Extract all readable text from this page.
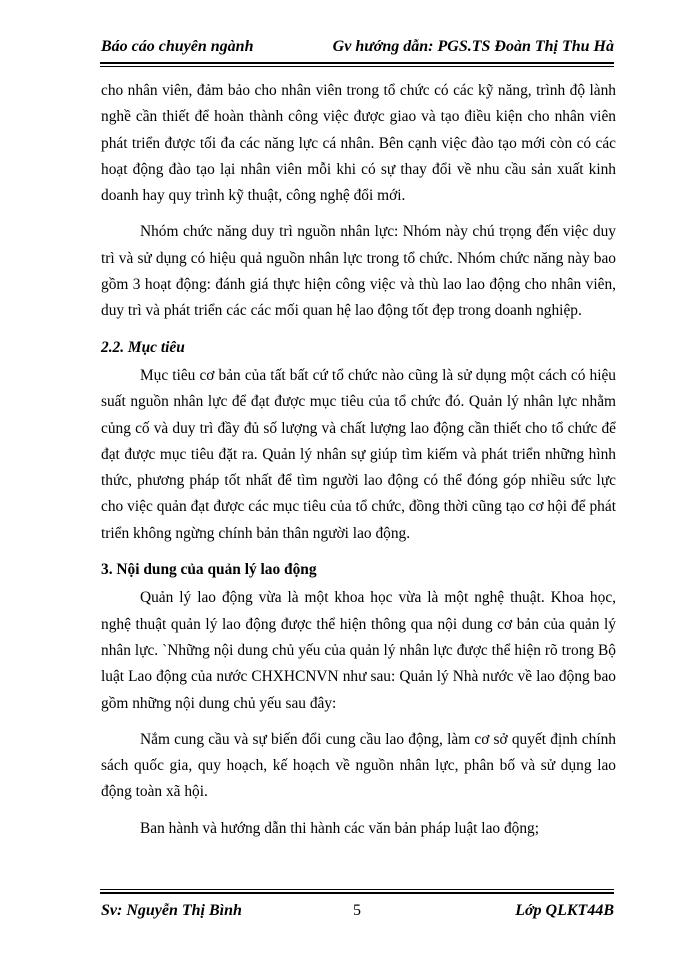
Báo cáo chuyên ngành	Gv hướng dẫn: PGS.TS Đoàn Thị Thu Hà

cho nhân viên, đảm bảo cho nhân viên trong tổ chức có các kỹ năng, trình độ lành nghề cần thiết để hoàn thành công việc được giao và tạo điều kiện cho nhân viên phát triển được tối đa các năng lực cá nhân. Bên cạnh việc đào tạo mới còn có các hoạt động đào tạo lại nhân viên mỗi khi có sự thay đổi về nhu cầu sản xuất kinh doanh hay quy trình kỹ thuật, công nghệ đổi mới.

Nhóm chức năng duy trì nguồn nhân lực: Nhóm này chú trọng đến việc duy trì và sử dụng có hiệu quả nguồn nhân lực trong tổ chức. Nhóm chức năng này bao gồm 3 hoạt động: đánh giá thực hiện công việc và thù lao lao động cho nhân viên, duy trì và phát triển các các mối quan hệ lao động tốt đẹp trong doanh nghiệp.

2.2. Mục tiêu

Mục tiêu cơ bản của tất bất cứ tổ chức nào cũng là sử dụng một cách có hiệu suất nguồn nhân lực để đạt được mục tiêu của tổ chức đó. Quản lý nhân lực nhằm củng cố và duy trì đầy đủ số lượng và chất lượng lao động cần thiết cho tổ chức để đạt được mục tiêu đặt ra. Quản lý nhân sự giúp tìm kiếm và phát triển những hình thức, phương pháp tốt nhất để tìm người lao động có thể đóng góp nhiều sức lực cho việc quản đạt được các mục tiêu của tổ chức, đồng thời cũng tạo cơ hội để phát triển không ngừng chính bản thân người lao động.

3. Nội dung của quản lý lao động

Quản lý lao động vừa là một khoa học vừa là một nghệ thuật. Khoa học, nghệ thuật quản lý lao động được thể hiện thông qua nội dung cơ bản của quản lý nhân lực. `Những nội dung chủ yếu của quản lý nhân lực được thể hiện rõ trong Bộ luật Lao động của nước CHXHCNVN như sau: Quản lý Nhà nước về lao động bao gồm những nội dung chủ yếu sau đây:

Nắm cung cầu và sự biến đổi cung cầu lao động, làm cơ sở quyết định chính sách quốc gia, quy hoạch, kế hoạch về nguồn nhân lực, phân bố và sử dụng lao động toàn xã hội.

Ban hành và hướng dẫn thi hành các văn bản pháp luật lao động;

Sv: Nguyễn Thị Bình	5	Lớp QLKT44B
